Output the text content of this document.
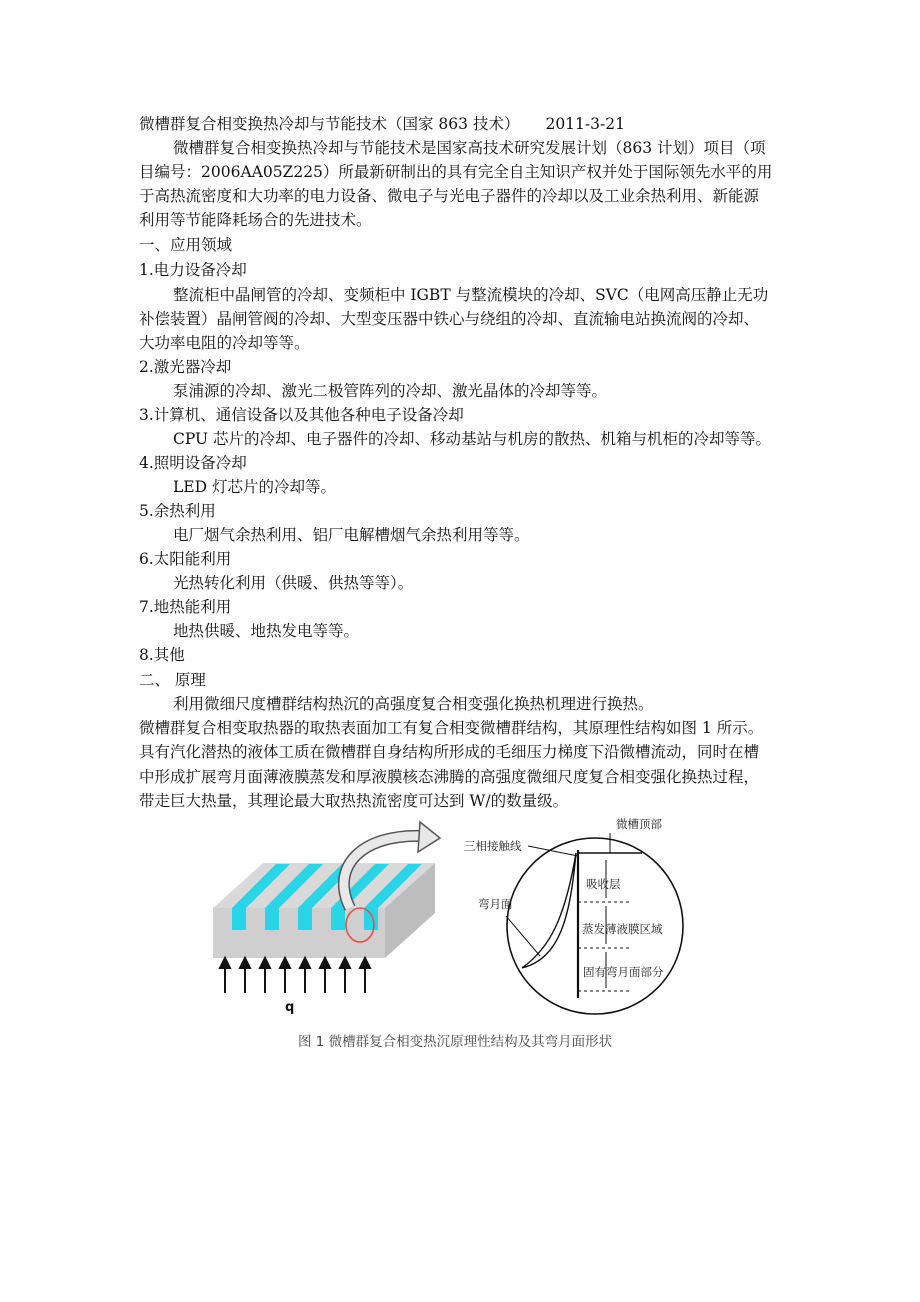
微槽群复合相变换热冷却与节能技术（国家 863 技术） 2011-3-21
微槽群复合相变换热冷却与节能技术是国家高技术研究发展计划（863 计划）项目（项
目编号：2006AA05Z225）所最新研制出的具有完全自主知识产权并处于国际领先水平的用
于高热流密度和大功率的电力设备、微电子与光电子器件的冷却以及工业余热利用、新能源
利用等节能降耗场合的先进技术。
一、应用领域
1.电力设备冷却
整流柜中晶闸管的冷却、变频柜中 IGBT 与整流模块的冷却、SVC（电网高压静止无功
补偿装置）晶闸管阀的冷却、大型变压器中铁心与绕组的冷却、直流输电站换流阀的冷却、
大功率电阻的冷却等等。
2.激光器冷却
泵浦源的冷却、激光二极管阵列的冷却、激光晶体的冷却等等。
3.计算机、通信设备以及其他各种电子设备冷却
CPU 芯片的冷却、电子器件的冷却、移动基站与机房的散热、机箱与机柜的冷却等等。
4.照明设备冷却
LED 灯芯片的冷却等。
5.余热利用
电厂烟气余热利用、铝厂电解槽烟气余热利用等等。
6.太阳能利用
光热转化利用（供暖、供热等等）。
7.地热能利用
地热供暖、地热发电等等。
8.其他
二、 原理
利用微细尺度槽群结构热沉的高强度复合相变强化换热机理进行换热。
微槽群复合相变取热器的取热表面加工有复合相变微槽群结构，其原理性结构如图 1 所示。
具有汽化潜热的液体工质在微槽群自身结构所形成的毛细压力梯度下沿微槽流动，同时在槽
中形成扩展弯月面薄液膜蒸发和厚液膜核态沸腾的高强度微细尺度复合相变强化换热过程，
带走巨大热量，其理论最大取热热流密度可达到 W/的数量级。
q
微槽顶部
三相接触线
弯月面
吸收层
蒸发薄液膜区域
固有弯月面部分
图 1 微槽群复合相变热沉原理性结构及其弯月面形状
